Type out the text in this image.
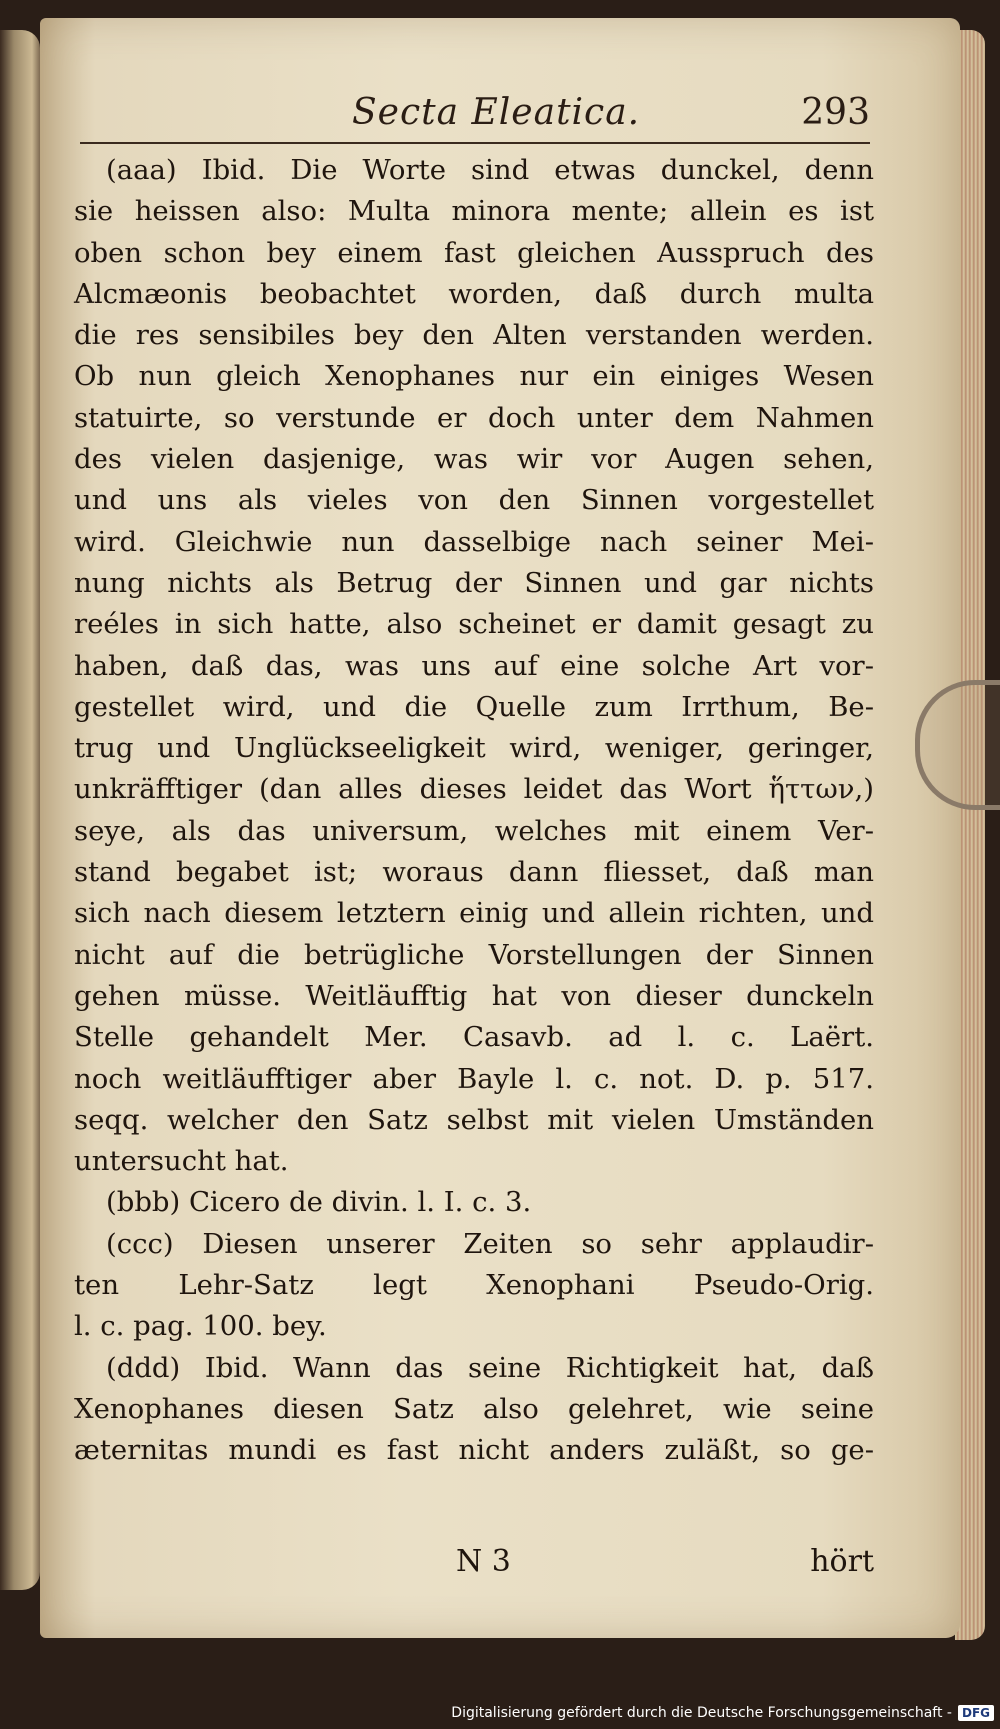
Secta Eleatica.	293
(aaa) Ibid. Die Worte sind etwas dunckel, denn
sie heissen also: Multa minora mente; allein es ist
oben schon bey einem fast gleichen Ausspruch des
Alcmæonis beobachtet worden, daß durch multa
die res sensibiles bey den Alten verstanden werden.
Ob nun gleich Xenophanes nur ein einiges Wesen
statuirte, so verstunde er doch unter dem Nahmen
des vielen dasjenige, was wir vor Augen sehen,
und uns als vieles von den Sinnen vorgestellet
wird. Gleichwie nun dasselbige nach seiner Mei-
nung nichts als Betrug der Sinnen und gar nichts
reéles in sich hatte, also scheinet er damit gesagt zu
haben, daß das, was uns auf eine solche Art vor-
gestellet wird, und die Quelle zum Irrthum, Be-
trug und Unglückseeligkeit wird, weniger, geringer,
unkräfftiger (dan alles dieses leidet das Wort ἥττων,)
seye, als das universum, welches mit einem Ver-
stand begabet ist; woraus dann fliesset, daß man
sich nach diesem letztern einig und allein richten, und
nicht auf die betrügliche Vorstellungen der Sinnen
gehen müsse. Weitläufftig hat von dieser dunckeln
Stelle gehandelt Mer. Casavb. ad l. c. Laërt.
noch weitläufftiger aber Bayle l. c. not. D. p. 517.
seqq. welcher den Satz selbst mit vielen Umständen
untersucht hat.
(bbb) Cicero de divin. l. I. c. 3.
(ccc) Diesen unserer Zeiten so sehr applaudir-
ten Lehr-Satz legt Xenophani Pseudo-Orig.
l. c. pag. 100. bey.
(ddd) Ibid. Wann das seine Richtigkeit hat, daß
Xenophanes diesen Satz also gelehret, wie seine
æternitas mundi es fast nicht anders zuläßt, so ge-
N 3	hört
Digitalisierung gefördert durch die Deutsche Forschungsgemeinschaft - DFG
